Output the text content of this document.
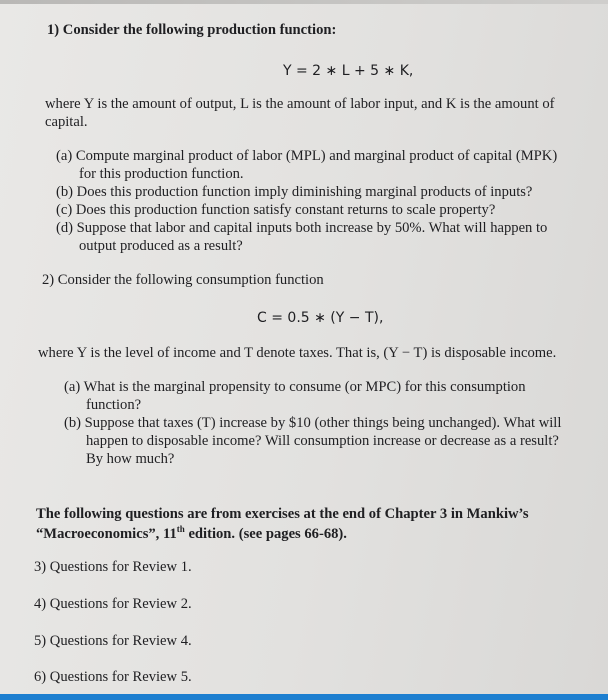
1) Consider the following production function:
Y = 2 ∗ L + 5 ∗ K,
where Y is the amount of output, L is the amount of labor input, and K is the amount of
capital.
(a) Compute marginal product of labor (MPL) and marginal product of capital (MPK)
for this production function.
(b) Does this production function imply diminishing marginal products of inputs?
(c) Does this production function satisfy constant returns to scale property?
(d) Suppose that labor and capital inputs both increase by 50%. What will happen to
output produced as a result?
2) Consider the following consumption function
C = 0.5 ∗ (Y − T),
where Y is the level of income and T denote taxes. That is, (Y − T) is disposable income.
(a) What is the marginal propensity to consume (or MPC) for this consumption
function?
(b) Suppose that taxes (T) increase by $10 (other things being unchanged). What will
happen to disposable income? Will consumption increase or decrease as a result?
By how much?
The following questions are from exercises at the end of Chapter 3 in Mankiw’s
“Macroeconomics”, 11th edition. (see pages 66-68).
3) Questions for Review 1.
4) Questions for Review 2.
5) Questions for Review 4.
6) Questions for Review 5.
